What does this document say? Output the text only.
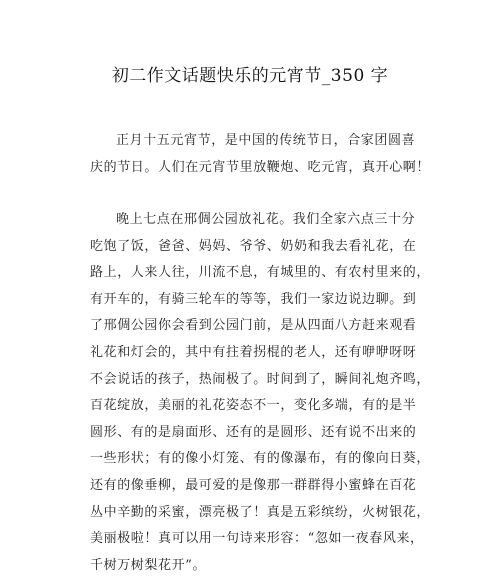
初二作文话题快乐的元宵节_350 字
正月十五元宵节，是中国的传统节日，合家团圆喜
庆的节日。人们在元宵节里放鞭炮、吃元宵，真开心啊！
晚上七点在邢倜公园放礼花。我们全家六点三十分
吃饱了饭，爸爸、妈妈、爷爷、奶奶和我去看礼花，在
路上，人来人往，川流不息，有城里的、有农村里来的，
有开车的，有骑三轮车的等等，我们一家边说边聊。到
了邢倜公园你会看到公园门前，是从四面八方赶来观看
礼花和灯会的，其中有拄着拐棍的老人，还有咿咿呀呀
不会说话的孩子，热闹极了。时间到了，瞬间礼炮齐鸣，
百花绽放，美丽的礼花姿态不一，变化多端，有的是半
圆形、有的是扇面形、还有的是圆形、还有说不出来的
一些形状；有的像小灯笼、有的像瀑布，有的像向日葵，
还有的像垂柳，最可爱的是像那一群群得小蜜蜂在百花
丛中辛勤的采蜜，漂亮极了！真是五彩缤纷，火树银花，
美丽极啦！真可以用一句诗来形容：“忽如一夜春风来，
千树万树梨花开”。
